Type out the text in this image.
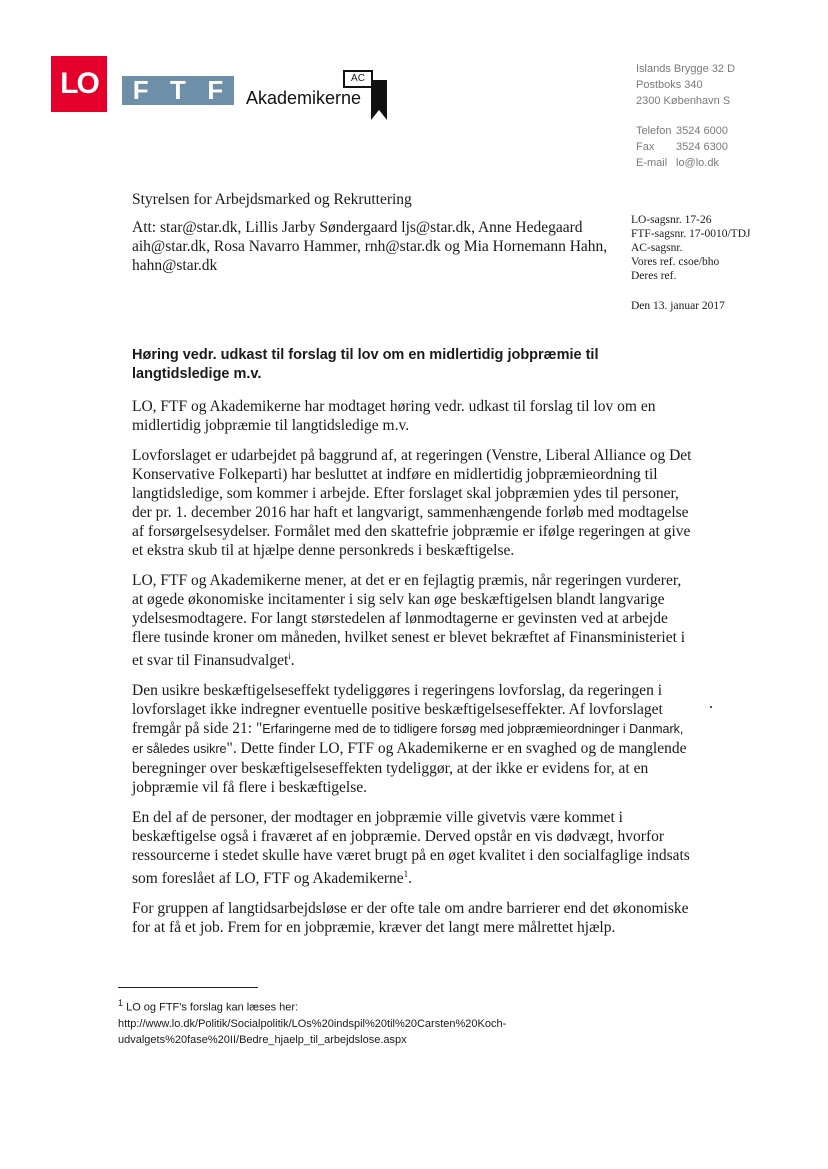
LO F T F Akademikerne
AC
Islands Brygge 32 D
Postboks 340
2300 København S
Telefon 3524 6000
Fax	3524 6300
E-mail lo@lo.dk

Styrelsen for Arbejdsmarked og Rekruttering

Att: star@star.dk, Lillis Jarby Søndergaard ljs@star.dk, Anne Hedegaard aih@star.dk, Rosa Navarro Hammer, rnh@star.dk og Mia Hornemann Hahn, hahn@star.dk

LO-sagsnr. 17-26
FTF-sagsnr. 17-0010/TDJ
AC-sagsnr.
Vores ref. csoe/bho
Deres ref.
Den 13. januar 2017
Høring vedr. udkast til forslag til lov om en midlertidig jobpræmie til langtidsledige m.v.

LO, FTF og Akademikerne har modtaget høring vedr. udkast til forslag til lov om en midlertidig jobpræmie til langtidsledige m.v.

Lovforslaget er udarbejdet på baggrund af, at regeringen (Venstre, Liberal Alliance og Det Konservative Folkeparti) har besluttet at indføre en midlertidig jobpræmieordning til langtidsledige, som kommer i arbejde. Efter forslaget skal jobpræmien ydes til personer, der pr. 1. december 2016 har haft et langvarigt, sammenhængende forløb med modtagelse af forsørgelsesydelser. Formålet med den skattefrie jobpræmie er ifølge regeringen at give et ekstra skub til at hjælpe denne personkreds i beskæftigelse.

LO, FTF og Akademikerne mener, at det er en fejlagtig præmis, når regeringen vurderer, at øgede økonomiske incitamenter i sig selv kan øge beskæftigelsen blandt langvarige ydelsesmodtagere. For langt størstedelen af lønmodtagerne er gevinsten ved at arbejde flere tusinde kroner om måneden, hvilket senest er blevet bekræftet af Finansministeriet i et svar til Finansudvalget$^i$.

Den usikre beskæftigelseseffekt tydeliggøres i regeringens lovforslag, da regeringen i lovforslaget ikke indregner eventuelle positive beskæftigelseseffekter. Af lovforslaget fremgår på side 21: "Erfaringerne med de to tidligere forsøg med jobpræmieordninger i Danmark, er således usikre". Dette finder LO, FTF og Akademikerne er en svaghed og de manglende beregninger over beskæftigelseseffekten tydeliggør, at der ikke er evidens for, at en jobpræmie vil få flere i beskæftigelse.

En del af de personer, der modtager en jobpræmie ville givetvis være kommet i beskæftigelse også i fraværet af en jobpræmie. Derved opstår en vis dødvægt, hvorfor ressourcerne i stedet skulle have været brugt på en øget kvalitet i den socialfaglige indsats som foreslået af LO, FTF og Akademikerne$^1$.

For gruppen af langtidsarbejdsløse er der ofte tale om andre barrierer end det økonomiske for at få et job. Frem for en jobpræmie, kræver det langt mere målrettet hjælp.

$^1$ LO og FTF's forslag kan læses her: http://www.lo.dk/Politik/Socialpolitik/LOs%20indspil%20til%20Carsten%20Koch-udvalgets%20fase%20II/Bedre_hjaelp_til_arbejdslose.aspx
